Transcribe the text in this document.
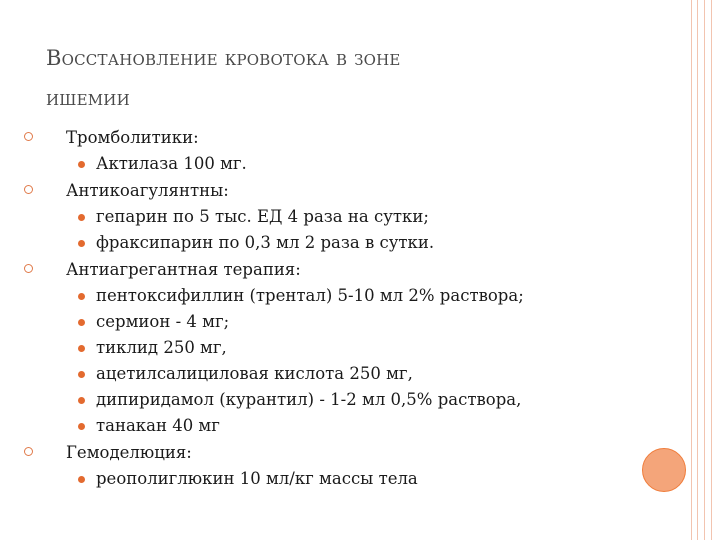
Восстановление кровотока в зоне
ишемии
Тромболитики:
Актилаза 100 мг.
Антикоагулянтны:
гепарин по 5 тыс. ЕД 4 раза на сутки;
фраксипарин по 0,3 мл 2 раза в сутки.
Антиагрегантная терапия:
пентоксифиллин (трентал) 5-10 мл 2% раствора;
сермион - 4 мг;
тиклид 250 мг,
ацетилсалициловая кислота 250 мг,
дипиридамол (курантил) - 1-2 мл 0,5% раствора,
танакан 40 мг
Гемоделюция:
реополиглюкин 10 мл/кг массы тела
